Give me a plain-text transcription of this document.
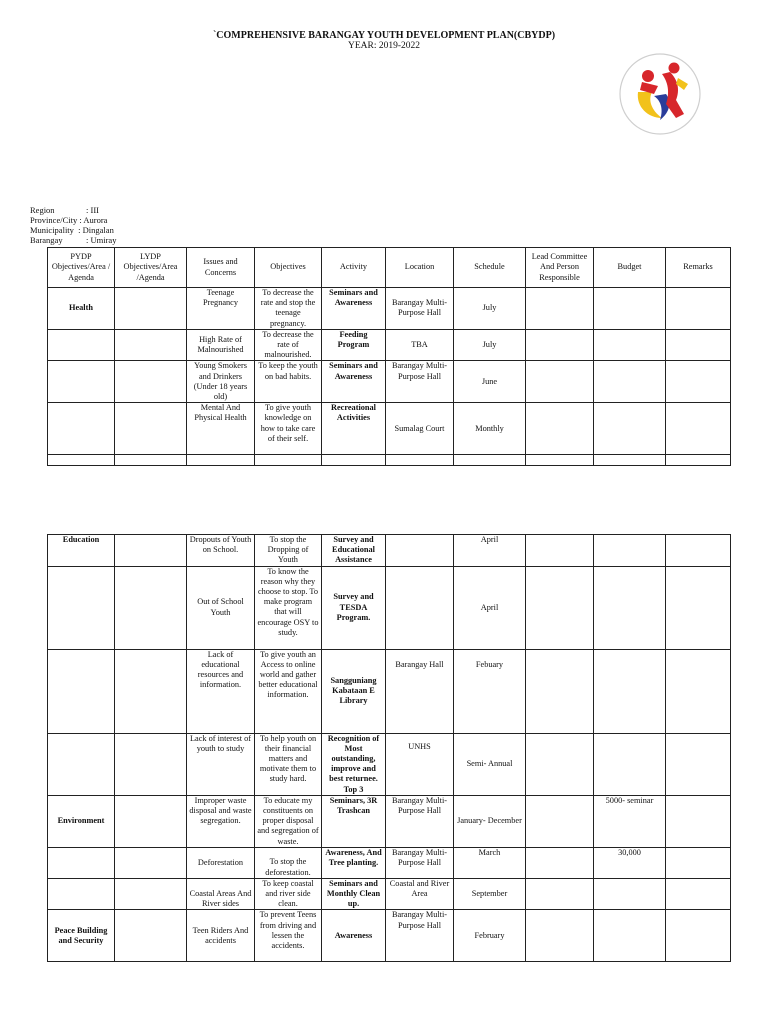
`COMPREHENSIVE BARANGAY YOUTH DEVELOPMENT PLAN(CBYDP)
YEAR: 2019-2022
Region	: III
Province/City : Aurora
Municipality : Dingalan
Barangay	: Umiray
PYDP Objectives/Area / Agenda	LYDP Objectives/Area /Agenda	Issues and Concerns	Objectives	Activity	Location	Schedule	Lead Committee And Person Responsible	Budget	Remarks
Health		Teenage Pregnancy	To decrease the rate and stop the teenage pregnancy.	Seminars and Awareness	Barangay Multi- Purpose Hall	July			
		High Rate of Malnourished	To decrease the rate of malnourished.	Feeding Program	TBA	July			
		Young Smokers and Drinkers (Under 18 years old)	To keep the youth on bad habits.	Seminars and Awareness	Barangay Multi- Purpose Hall	June			
		Mental And Physical Health	To give youth knowledge on how to take care of their self.	Recreational Activities	Sumalag Court	Monthly			

Education		Dropouts of Youth on School.	To stop the Dropping of Youth	Survey and Educational Assistance		April			
		Out of School Youth	To know the reason why they choose to stop. To make program that will encourage OSY to study.	Survey and TESDA Program.		April			
		Lack of educational resources and information.	To give youth an Access to online world and gather better educational information.	Sangguniang Kabataan E Library	Barangay Hall	Febuary			
		Lack of interest of youth to study	To help youth on their financial matters and motivate them to study hard.	Recognition of Most outstanding, improve and best returnee. Top 3	UNHS	Semi- Annual			
Environment		Improper waste disposal and waste segregation.	To educate my constituents on proper disposal and segregation of waste.	Seminars, 3R Trashcan	Barangay Multi- Purpose Hall	January- December		5000- seminar	
		Deforestation	To stop the deforestation.	Awareness, And Tree planting.	Barangay Multi- Purpose Hall	March		30,000	
		Coastal Areas And River sides	To keep coastal and river side clean.	Seminars and Monthly Clean up.	Coastal and River Area	September			
Peace Building and Security		Teen Riders And accidents	To prevent Teens from driving and lessen the accidents.	Awareness	Barangay Multi- Purpose Hall	February			
